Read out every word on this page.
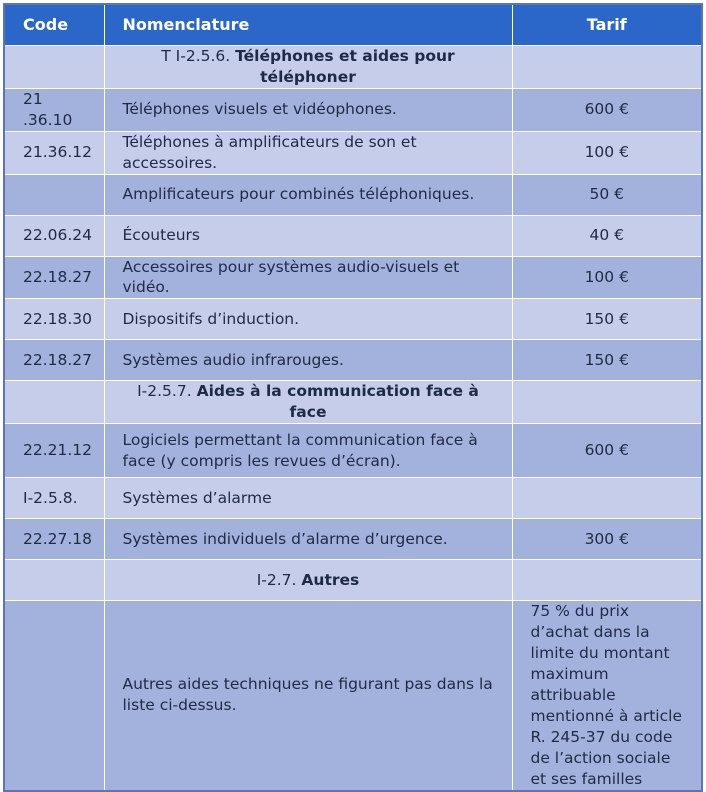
Code	Nomenclature	Tarif
	T I-2.5.6. Téléphones et aides pour téléphoner	
21 .36.10	Téléphones visuels et vidéophones.	600 €
21.36.12	Téléphones à amplificateurs de son et accessoires.	100 €
	Amplificateurs pour combinés téléphoniques.	50 €
22.06.24	Écouteurs	40 €
22.18.27	Accessoires pour systèmes audio-visuels et vidéo.	100 €
22.18.30	Dispositifs d’induction.	150 €
22.18.27	Systèmes audio infrarouges.	150 €
	I-2.5.7. Aides à la communication face à face	
22.21.12	Logiciels permettant la communication face à face (y compris les revues d’écran).	600 €
I-2.5.8.	Systèmes d’alarme	
22.27.18	Systèmes individuels d’alarme d’urgence.	300 €
	I-2.7. Autres	
	Autres aides techniques ne figurant pas dans la liste ci-dessus.	75 % du prix d’achat dans la limite du montant maximum attribuable mentionné à article R. 245-37 du code de l’action sociale et ses familles
